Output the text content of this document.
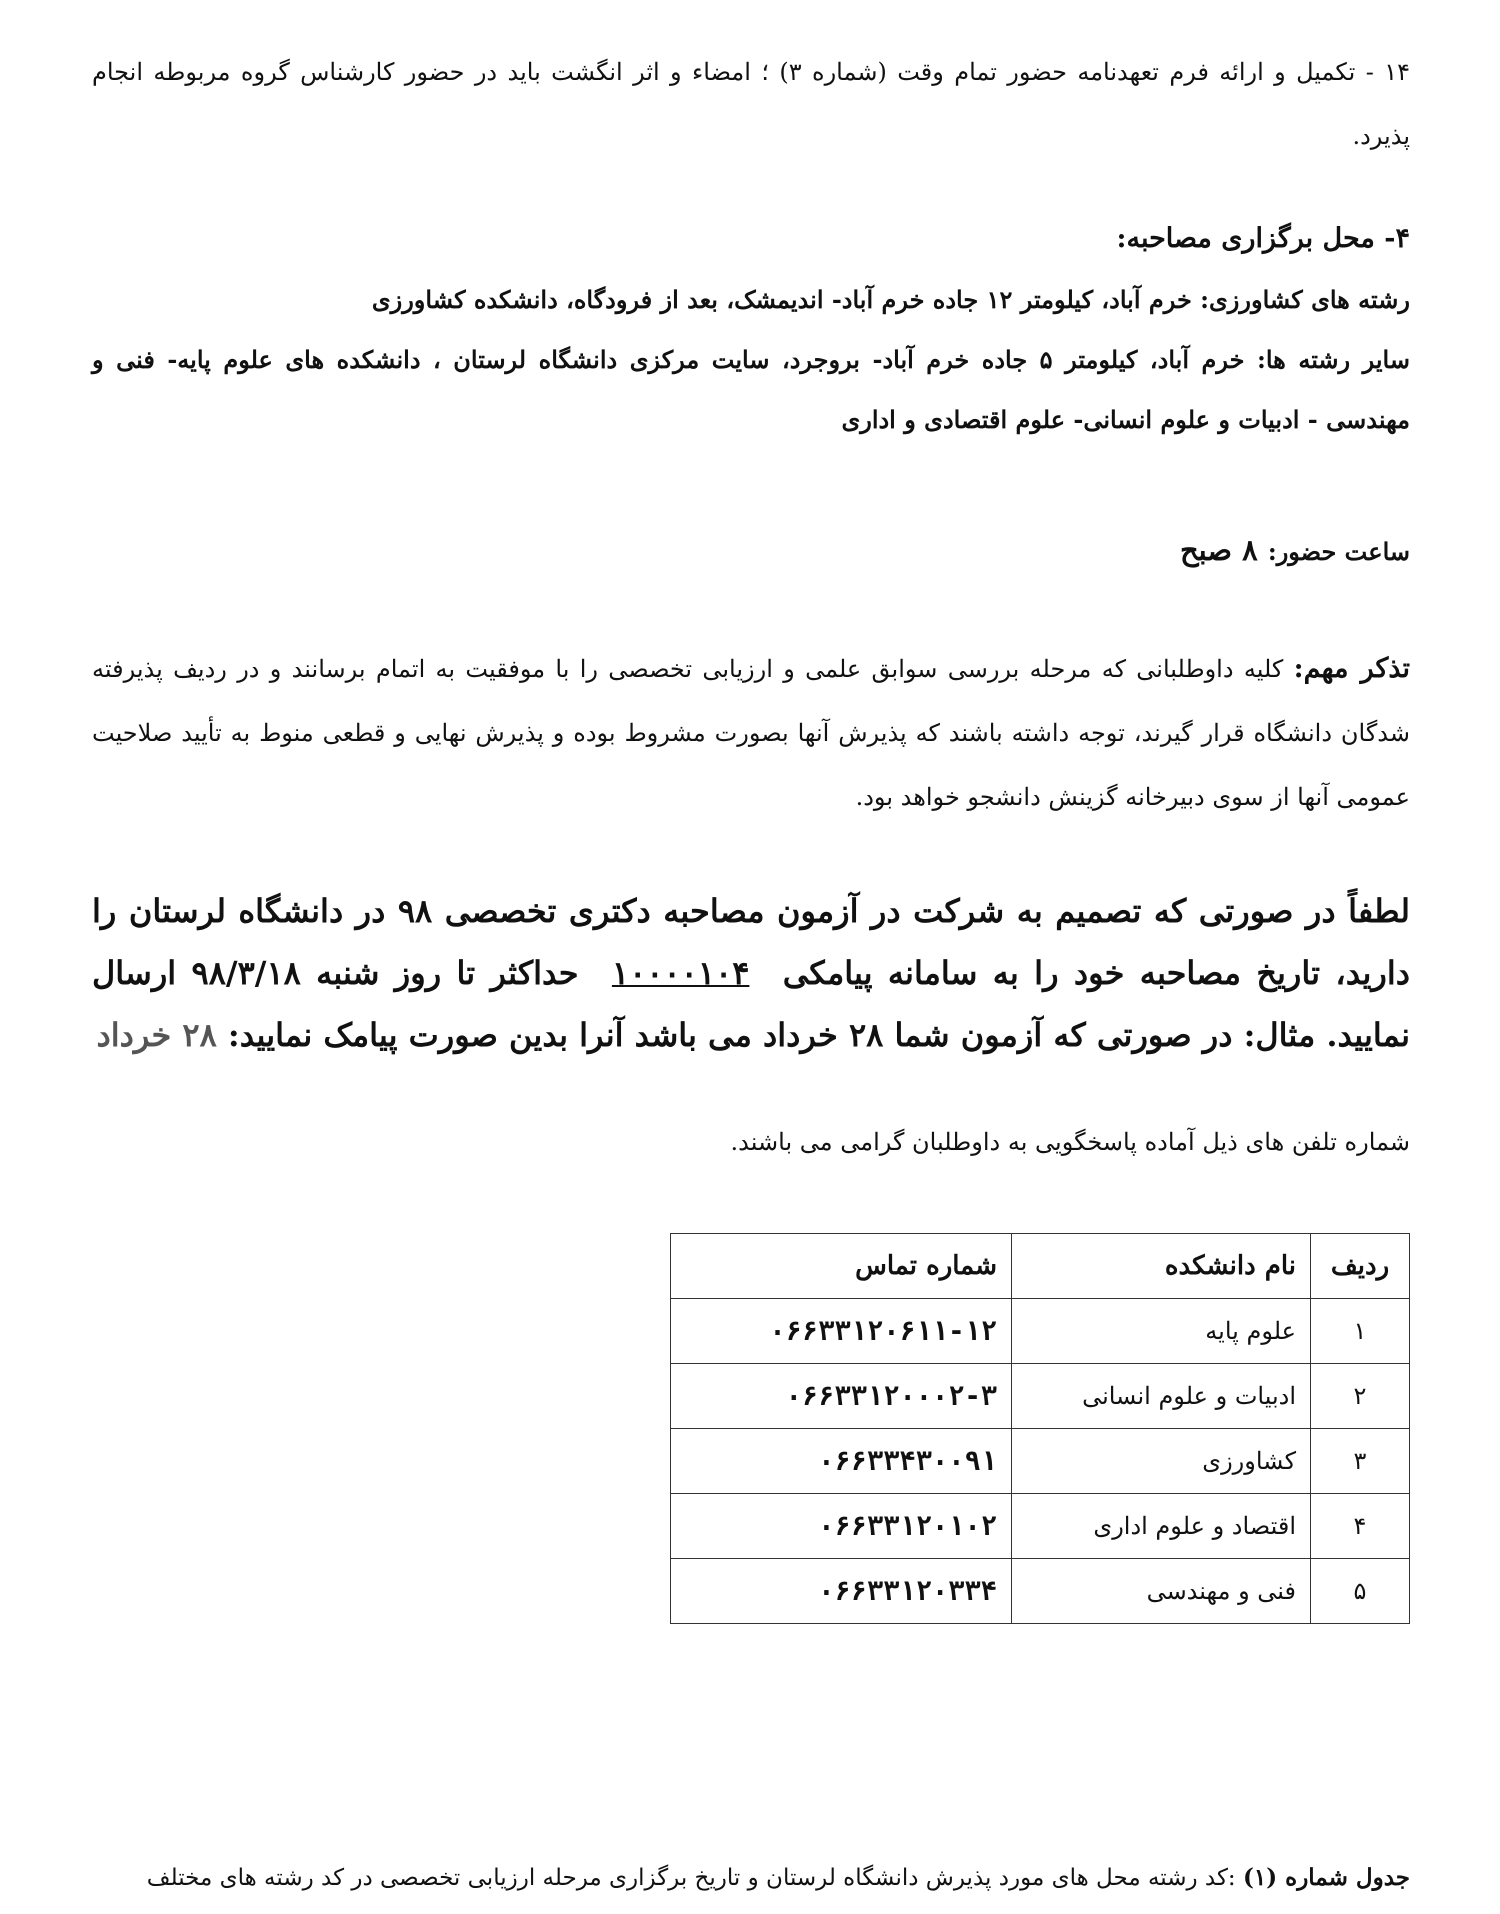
۱۴ - تکمیل و ارائه فرم تعهدنامه حضور تمام وقت (شماره ۳) ؛ امضاء و اثر انگشت باید در حضور کارشناس گروه مربوطه انجام پذیرد.

۴- محل برگزاری مصاحبه:

رشته های کشاورزی: خرم آباد، کیلومتر ۱۲ جاده خرم آباد- اندیمشک، بعد از فرودگاه، دانشکده کشاورزی

سایر رشته ها: خرم آباد، کیلومتر ۵ جاده خرم آباد- بروجرد، سایت مرکزی دانشگاه لرستان ، دانشکده های علوم پایه- فنی و مهندسی - ادبیات و علوم انسانی- علوم اقتصادی و اداری

ساعت حضور: ۸ صبح

تذکر مهم: کلیه داوطلبانی که مرحله بررسی سوابق علمی و ارزیابی تخصصی را با موفقیت به اتمام برسانند و در ردیف پذیرفته شدگان دانشگاه قرار گیرند، توجه داشته باشند که پذیرش آنها بصورت مشروط بوده و پذیرش نهایی و قطعی منوط به تأیید صلاحیت عمومی آنها از سوی دبیرخانه گزینش دانشجو خواهد بود.

لطفاً در صورتی که تصمیم به شرکت در آزمون مصاحبه دکتری تخصصی ۹۸ در دانشگاه لرستان را دارید، تاریخ مصاحبه خود را به سامانه پیامکی ۱۰۰۰۰۱۰۴ حداکثر تا روز شنبه ۹۸/۳/۱۸ ارسال نمایید. مثال: در صورتی که آزمون شما ۲۸ خرداد می باشد آنرا بدین صورت پیامک نمایید: ۲۸ خرداد

شماره تلفن های ذیل آماده پاسخگویی به داوطلبان گرامی می باشند.

ردیف	نام دانشکده	شماره تماس
۱	علوم پایه	۰۶۶۳۳۱۲۰۶۱۱-۱۲
۲	ادبیات و علوم انسانی	۰۶۶۳۳۱۲۰۰۰۲-۳
۳	کشاورزی	۰۶۶۳۳۴۳۰۰۹۱
۴	اقتصاد و علوم اداری	۰۶۶۳۳۱۲۰۱۰۲
۵	فنی و مهندسی	۰۶۶۳۳۱۲۰۳۳۴

جدول شماره (۱) :کد رشته محل های مورد پذیرش دانشگاه لرستان و تاریخ برگزاری مرحله ارزیابی تخصصی در کد رشته های مختلف
